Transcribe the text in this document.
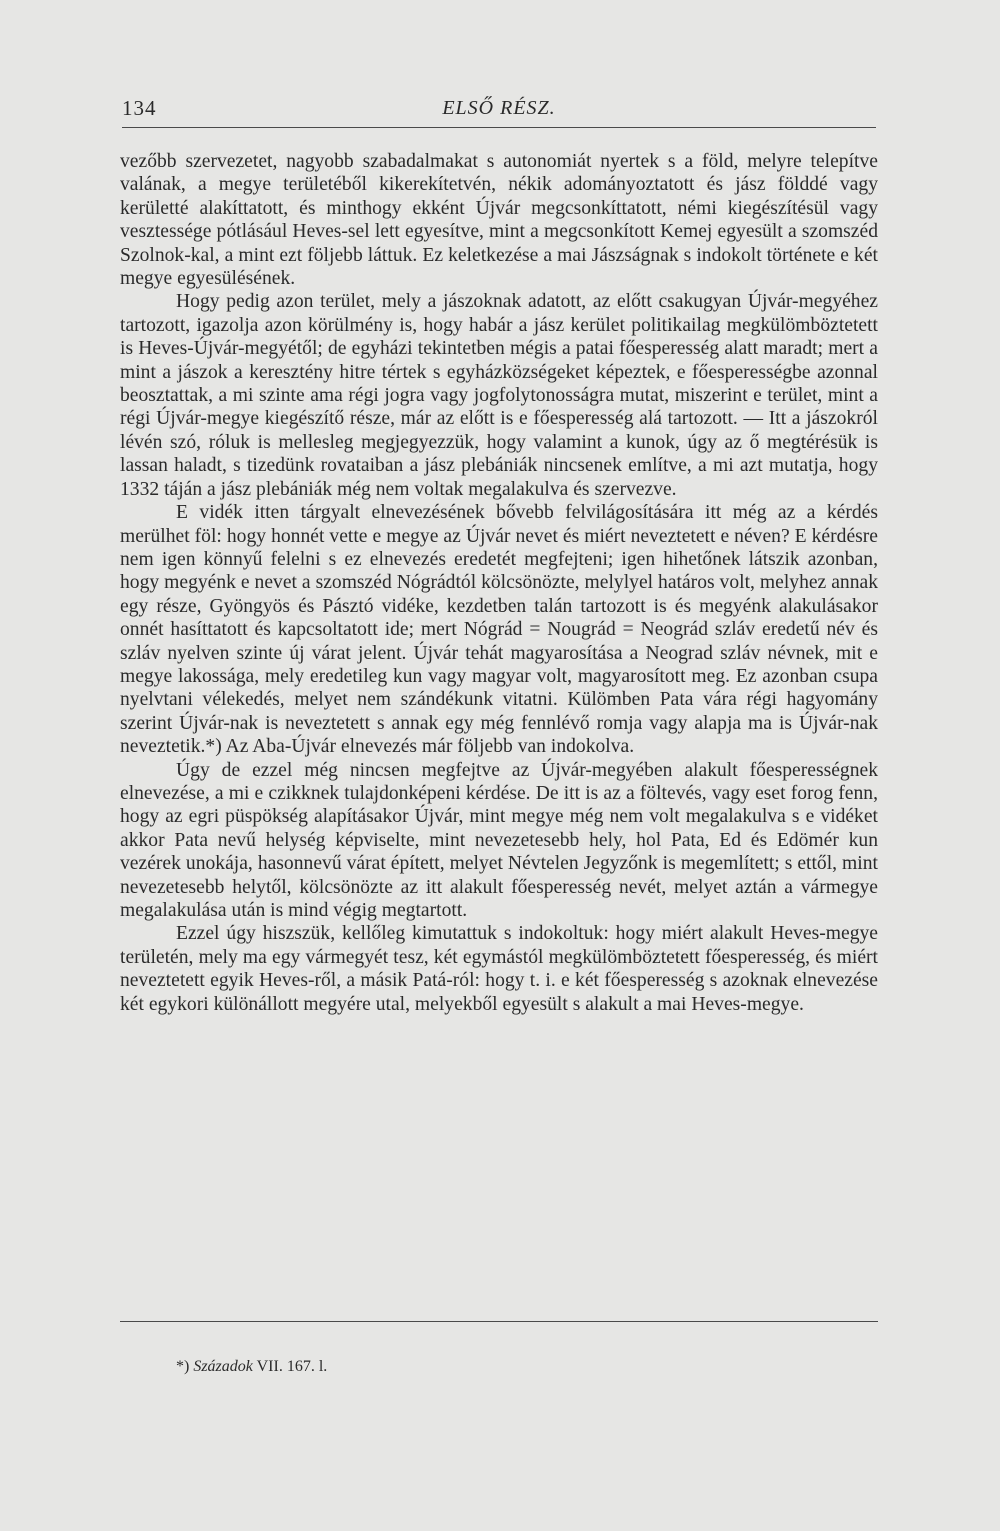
134	ELSŐ RÉSZ.

vezőbb szervezetet, nagyobb szabadalmakat s autonomiát nyertek s a föld, melyre telepítve valának, a megye területéből kikerekítetvén, nékik adományoztatott és jász földdé vagy kerületté alakíttatott, és minthogy ekként Újvár megcsonkíttatott, némi kiegészítésül vagy vesztessége pótlásául Heves-sel lett egyesítve, mint a megcsonkított Kemej egyesült a szomszéd Szolnok-kal, a mint ezt följebb láttuk. Ez keletkezése a mai Jászságnak s indokolt története e két megye egyesülésének.

Hogy pedig azon terület, mely a jászoknak adatott, az előtt csakugyan Újvár-megyéhez tartozott, igazolja azon körülmény is, hogy habár a jász kerület politikailag megkülömböztetett is Heves-Újvár-megyétől; de egyházi tekintetben mégis a patai főesperesség alatt maradt; mert a mint a jászok a keresztény hitre tértek s egyházközségeket képeztek, e főesperességbe azonnal beosztattak, a mi szinte ama régi jogra vagy jogfolytonosságra mutat, miszerint e terület, mint a régi Újvár-megye kiegészítő része, már az előtt is e főesperesség alá tartozott. — Itt a jászokról lévén szó, róluk is mellesleg megjegyezzük, hogy valamint a kunok, úgy az ő megtérésük is lassan haladt, s tizedünk rovataiban a jász plebániák nincsenek említve, a mi azt mutatja, hogy 1332 táján a jász plebániák még nem voltak megalakulva és szervezve.

E vidék itten tárgyalt elnevezésének bővebb felvilágosítására itt még az a kérdés merülhet föl: hogy honnét vette e megye az Újvár nevet és miért neveztetett e néven? E kérdésre nem igen könnyű felelni s ez elnevezés eredetét megfejteni; igen hihetőnek látszik azonban, hogy megyénk e nevet a szomszéd Nógrádtól kölcsönözte, melylyel határos volt, melyhez annak egy része, Gyöngyös és Pásztó vidéke, kezdetben talán tartozott is és megyénk alakulásakor onnét hasíttatott és kapcsoltatott ide; mert Nógrád = Nougrád = Neográd szláv eredetű név és szláv nyelven szinte új várat jelent. Újvár tehát magyarosítása a Neograd szláv névnek, mit e megye lakossága, mely eredetileg kun vagy magyar volt, magyarosított meg. Ez azonban csupa nyelvtani vélekedés, melyet nem szándékunk vitatni. Külömben Pata vára régi hagyomány szerint Újvár-nak is neveztetett s annak egy még fennlévő romja vagy alapja ma is Újvár-nak neveztetik.*) Az Aba-Újvár elnevezés már följebb van indokolva.

Úgy de ezzel még nincsen megfejtve az Újvár-megyében alakult főesperességnek elnevezése, a mi e czikknek tulajdonképeni kérdése. De itt is az a föltevés, vagy eset forog fenn, hogy az egri püspökség alapításakor Újvár, mint megye még nem volt megalakulva s e vidéket akkor Pata nevű helység képviselte, mint nevezetesebb hely, hol Pata, Ed és Edömér kun vezérek unokája, hasonnevű várat épített, melyet Névtelen Jegyzőnk is megemlített; s ettől, mint nevezetesebb helytől, kölcsönözte az itt alakult főesperesség nevét, melyet aztán a vármegye megalakulása után is mind végig megtartott.

Ezzel úgy hiszszük, kellőleg kimutattuk s indokoltuk: hogy miért alakult Heves-megye területén, mely ma egy vármegyét tesz, két egymástól megkülömböztetett főesperesség, és miért neveztetett egyik Heves-ről, a másik Patá-ról: hogy t. i. e két főesperesség s azoknak elnevezése két egykori különállott megyére utal, melyekből egyesült s alakult a mai Heves-megye.

*) Századok VII. 167. l.
